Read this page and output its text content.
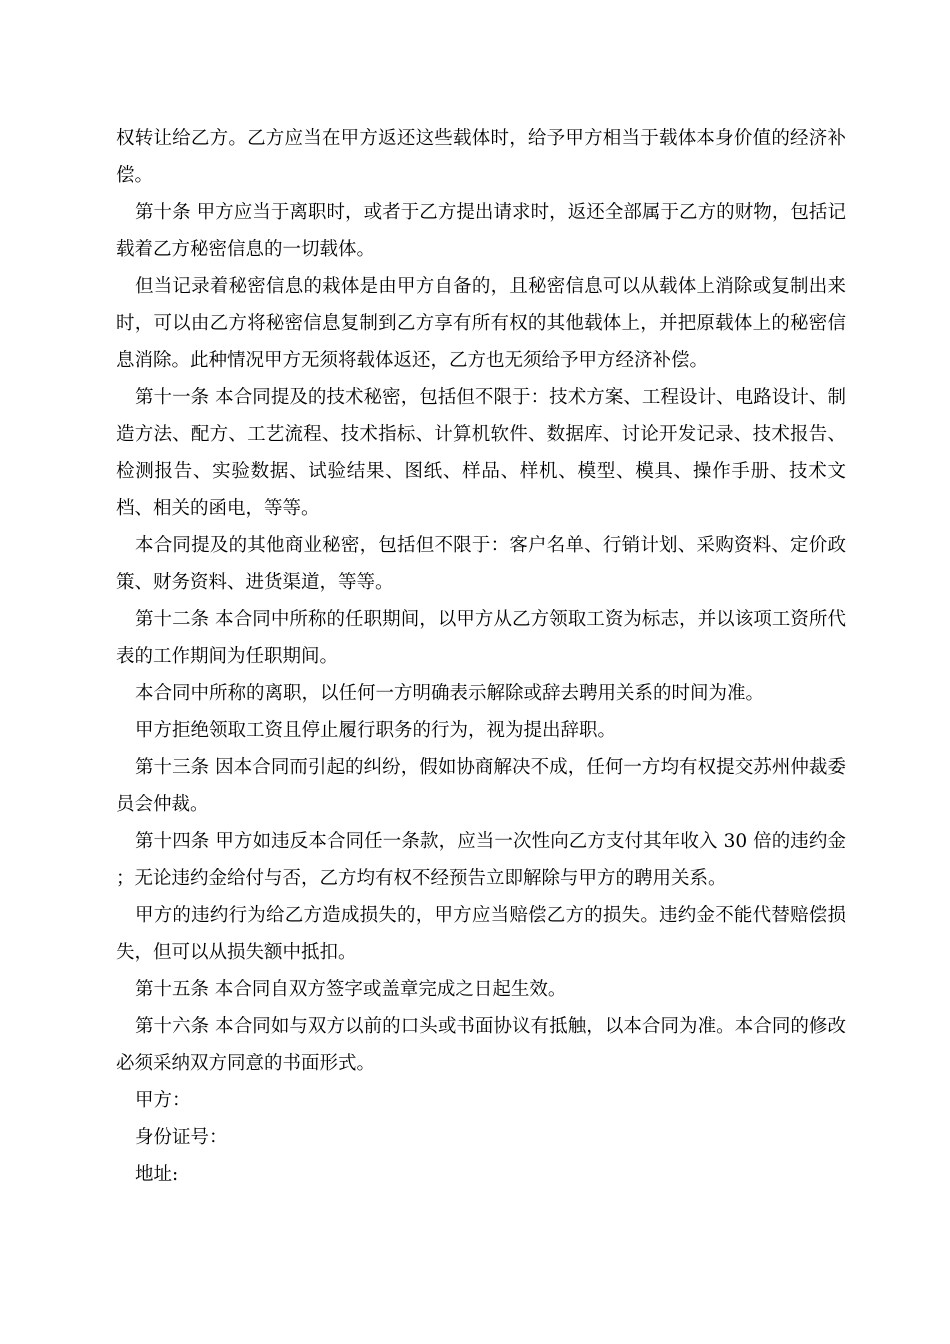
权转让给乙方。乙方应当在甲方返还这些载体时，给予甲方相当于载体本身价值的经济补偿。

第十条 甲方应当于离职时，或者于乙方提出请求时，返还全部属于乙方的财物，包括记载着乙方秘密信息的一切载体。

但当记录着秘密信息的栽体是由甲方自备的，且秘密信息可以从载体上消除或复制出来时，可以由乙方将秘密信息复制到乙方享有所有权的其他载体上，并把原载体上的秘密信息消除。此种情况甲方无须将载体返还，乙方也无须给予甲方经济补偿。

第十一条 本合同提及的技术秘密，包括但不限于：技术方案、工程设计、电路设计、制造方法、配方、工艺流程、技术指标、计算机软件、数据库、讨论开发记录、技术报告、检测报告、实验数据、试验结果、图纸、样品、样机、模型、模具、操作手册、技术文档、相关的函电，等等。

本合同提及的其他商业秘密，包括但不限于：客户名单、行销计划、采购资料、定价政策、财务资料、进货渠道，等等。

第十二条 本合同中所称的任职期间，以甲方从乙方领取工资为标志，并以该项工资所代表的工作期间为任职期间。

本合同中所称的离职，以任何一方明确表示解除或辞去聘用关系的时间为准。

甲方拒绝领取工资且停止履行职务的行为，视为提出辞职。

第十三条 因本合同而引起的纠纷，假如协商解决不成，任何一方均有权提交苏州仲裁委员会仲裁。

第十四条 甲方如违反本合同任一条款，应当一次性向乙方支付其年收入 30 倍的违约金 ；无论违约金给付与否，乙方均有权不经预告立即解除与甲方的聘用关系。

甲方的违约行为给乙方造成损失的，甲方应当赔偿乙方的损失。违约金不能代替赔偿损失，但可以从损失额中抵扣。

第十五条 本合同自双方签字或盖章完成之日起生效。

第十六条 本合同如与双方以前的口头或书面协议有抵触，以本合同为准。本合同的修改必须采纳双方同意的书面形式。

甲方：

身份证号：

地址:
